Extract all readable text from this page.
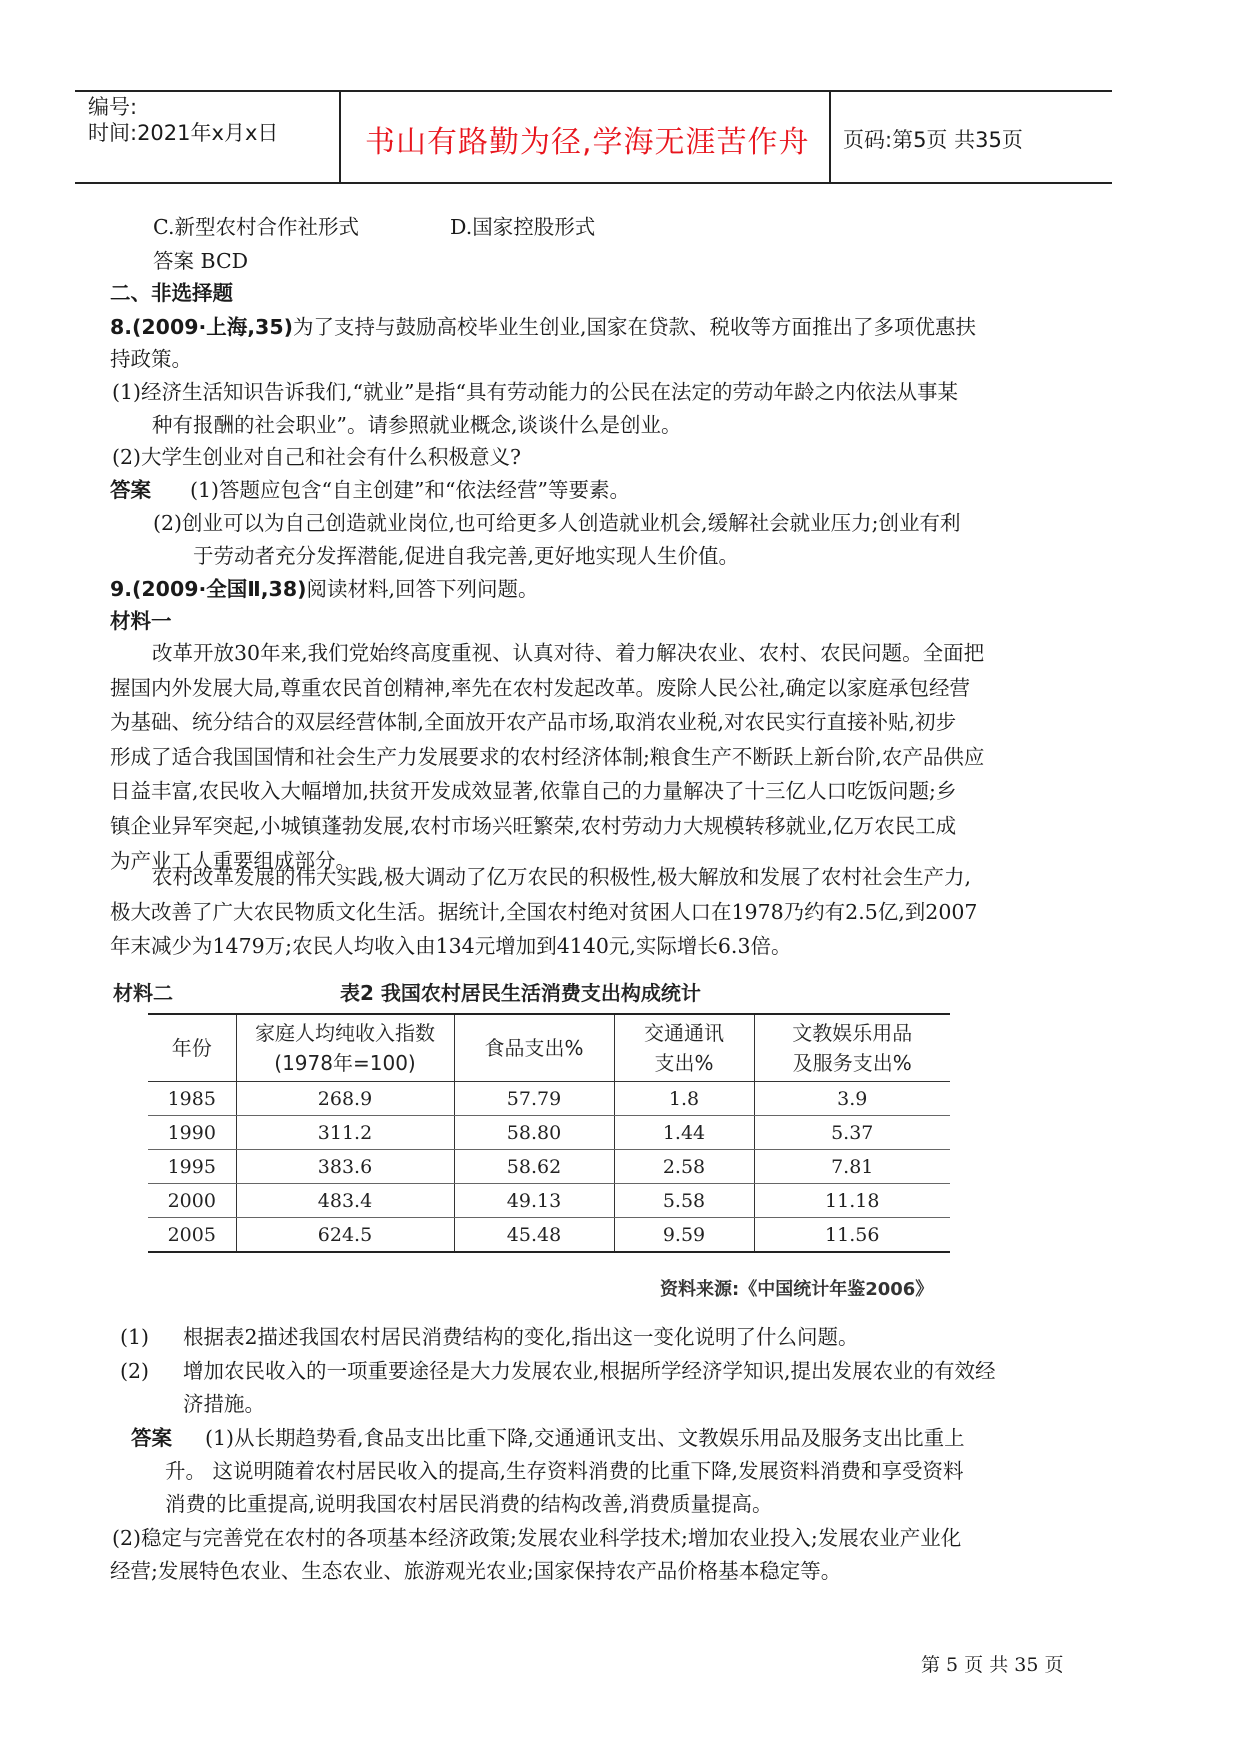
编号:
时间:2021年x月x日	书山有路勤为径,学海无涯苦作舟 页码:第5页 共35页
C.新型农村合作社形式	D.国家控股形式
答案 BCD
二、非选择题
8.(2009·上海,35)为了支持与鼓励高校毕业生创业,国家在贷款、税收等方面推出了多项优惠扶
持政策。
(1)经济生活知识告诉我们,“就业”是指“具有劳动能力的公民在法定的劳动年龄之内依法从事某
种有报酬的社会职业”。请参照就业概念,谈谈什么是创业。
(2)大学生创业对自己和社会有什么积极意义?
答案 (1)答题应包含“自主创建”和“依法经营”等要素。
(2)创业可以为自己创造就业岗位,也可给更多人创造就业机会,缓解社会就业压力;创业有利
于劳动者充分发挥潜能,促进自我完善,更好地实现人生价值。
9.(2009·全国Ⅱ,38)阅读材料,回答下列问题。
材料一
改革开放30年来,我们党始终高度重视、认真对待、着力解决农业、农村、农民问题。全面把
握国内外发展大局,尊重农民首创精神,率先在农村发起改革。废除人民公社,确定以家庭承包经营
为基础、统分结合的双层经营体制,全面放开农产品市场,取消农业税,对农民实行直接补贴,初步
形成了适合我国国情和社会生产力发展要求的农村经济体制;粮食生产不断跃上新台阶,农产品供应
日益丰富,农民收入大幅增加,扶贫开发成效显著,依靠自己的力量解决了十三亿人口吃饭问题;乡
镇企业异军突起,小城镇蓬勃发展,农村市场兴旺繁荣,农村劳动力大规模转移就业,亿万农民工成
为产业工人重要组成部分。
农村改革发展的伟大实践,极大调动了亿万农民的积极性,极大解放和发展了农村社会生产力,
极大改善了广大农民物质文化生活。据统计,全国农村绝对贫困人口在1978乃约有2.5亿,到2007
年末减少为1479万;农民人均收入由134元增加到4140元,实际增长6.3倍。
材料二	表2 我国农村居民生活消费支出构成统计
年份	家庭人均纯收入指数
(1978年=100)	食品支出%	交通通讯
支出%	文教娱乐用品
及服务支出%
1985	268.9	57.79	1.8	3.9
1990	311.2	58.80	1.44	5.37
1995	383.6	58.62	2.58	7.81
2000	483.4	49.13	5.58	11.18
2005	624.5	45.48	9.59	11.56
资料来源:《中国统计年鉴2006》
(1) 根据表2描述我国农村居民消费结构的变化,指出这一变化说明了什么问题。
(2) 增加农民收入的一项重要途径是大力发展农业,根据所学经济学知识,提出发展农业的有效经
济措施。
答案 (1)从长期趋势看,食品支出比重下降,交通通讯支出、文教娱乐用品及服务支出比重上
升。 这说明随着农村居民收入的提高,生存资料消费的比重下降,发展资料消费和享受资料
消费的比重提高,说明我国农村居民消费的结构改善,消费质量提高。
(2)稳定与完善党在农村的各项基本经济政策;发展农业科学技术;增加农业投入;发展农业产业化
经营;发展特色农业、生态农业、旅游观光农业;国家保持农产品价格基本稳定等。
第 5 页 共 35 页
